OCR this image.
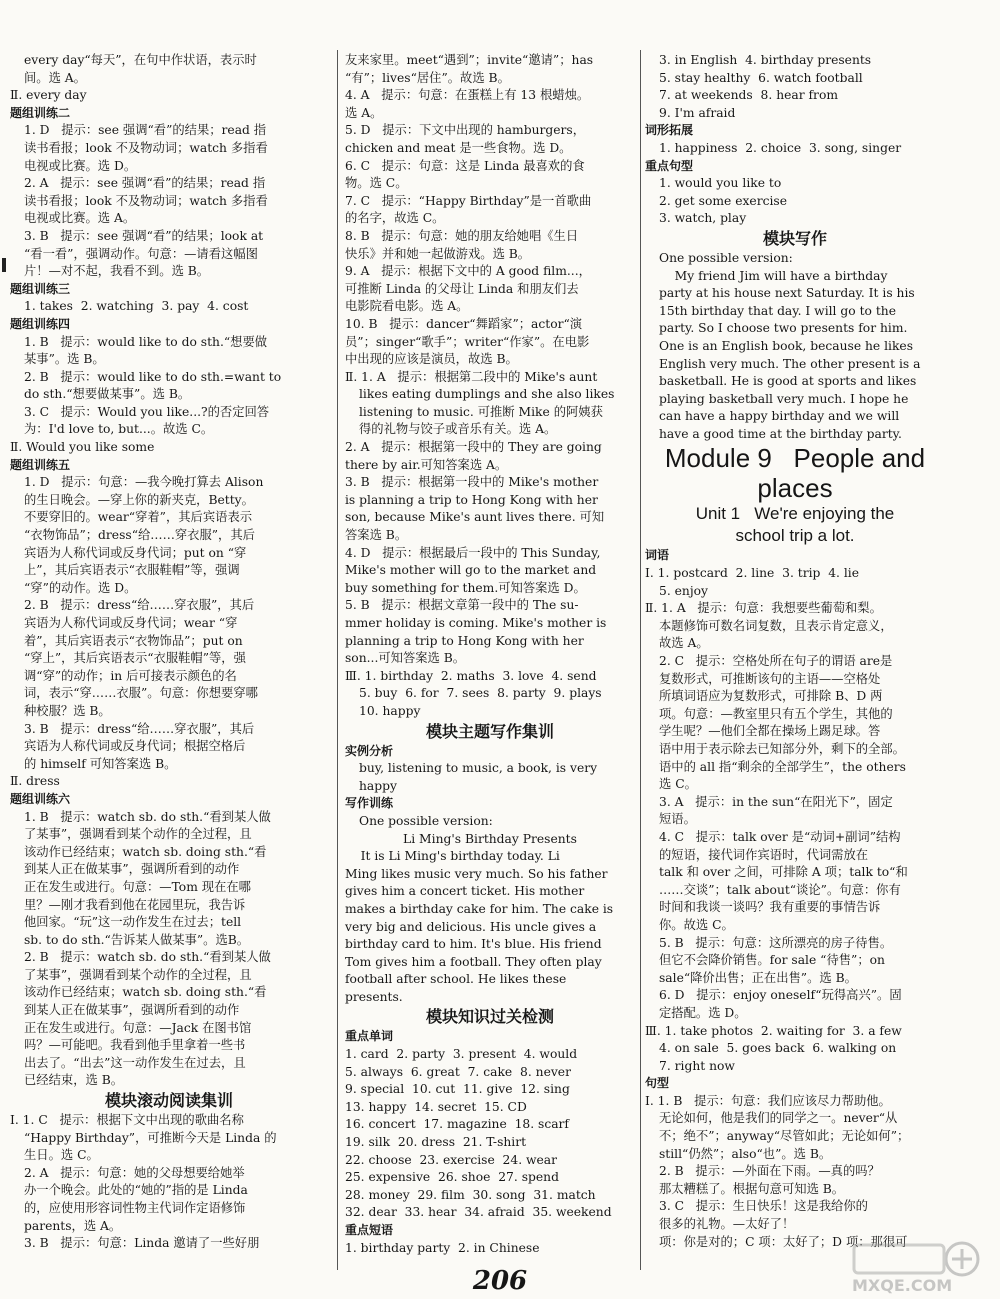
every day“每天”，在句中作状语，表示时

间。选 A。

Ⅱ. every day

题组训练二

1. D   提示：see 强调“看”的结果；read 指

读书看报；look 不及物动词；watch 多指看

电视或比赛。选 D。

2. A   提示：see 强调“看”的结果；read 指

读书看报；look 不及物动词；watch 多指看

电视或比赛。选 A。

3. B   提示：see 强调“看”的结果；look at

“看一看”，强调动作。句意：—请看这幅图

片！—对不起，我看不到。选 B。

题组训练三

1. takes  2. watching  3. pay  4. cost

题组训练四

1. B   提示：would like to do sth.“想要做

某事”。选 B。

2. B   提示：would like to do sth.=want to

do sth.“想要做某事”。选 B。

3. C   提示：Would you like...?的否定回答

为：I'd love to, but...。故选 C。

Ⅱ. Would you like some

题组训练五

1. D   提示：句意：—我今晚打算去 Alison

的生日晚会。—穿上你的新夹克，Betty。

不要穿旧的。wear“穿着”，其后宾语表示

“衣物饰品”；dress“给……穿衣服”，其后

宾语为人称代词或反身代词；put on “穿

上”，其后宾语表示“衣服鞋帽”等，强调

“穿”的动作。选 D。

2. B   提示：dress“给……穿衣服”，其后

宾语为人称代词或反身代词；wear “穿

着”，其后宾语表示“衣物饰品”；put on

“穿上”，其后宾语表示“衣服鞋帽”等，强

调“穿”的动作；in 后可接表示颜色的名

词，表示“穿……衣服”。句意：你想要穿哪

种校服？选 B。

3. B   提示：dress“给……穿衣服”，其后

宾语为人称代词或反身代词；根据空格后

的 himself 可知答案选 B。

Ⅱ. dress

题组训练六

1. B   提示：watch sb. do sth.“看到某人做

了某事”，强调看到某个动作的全过程，且

该动作已经结束；watch sb. doing sth.“看

到某人正在做某事”，强调所看到的动作

正在发生或进行。句意：—Tom 现在在哪

里？—刚才我看到他在花园里玩，我告诉

他回家。“玩”这一动作发生在过去；tell

sb. to do sth.“告诉某人做某事”。选B。

2. B   提示：watch sb. do sth.“看到某人做

了某事”，强调看到某个动作的全过程，且

该动作已经结束；watch sb. doing sth.“看

到某人正在做某事”，强调所看到的动作

正在发生或进行。句意：—Jack 在图书馆

吗？—可能吧。我看到他手里拿着一些书

出去了。“出去”这一动作发生在过去，且

已经结束，选 B。

模块滚动阅读集训

Ⅰ. 1. C   提示：根据下文中出现的歌曲名称

“Happy Birthday”，可推断今天是 Linda 的

生日。选 C。

2. A   提示：句意：她的父母想要给她举

办一个晚会。此处的“她的”指的是 Linda

的，应使用形容词性物主代词作定语修饰

parents，选 A。

3. B   提示：句意：Linda 邀请了一些好朋

友来家里。meet“遇到”；invite“邀请”；has

“有”；lives“居住”。故选 B。

4. A   提示：句意：在蛋糕上有 13 根蜡烛。

选 A。

5. D   提示：下文中出现的 hamburgers，

chicken and meat 是一些食物。选 D。

6. C   提示：句意：这是 Linda 最喜欢的食

物。选 C。

7. C   提示：“Happy Birthday”是一首歌曲

的名字，故选 C。

8. B   提示：句意：她的朋友给她唱《生日

快乐》并和她一起做游戏。选 B。

9. A   提示：根据下文中的 A good film...，

可推断 Linda 的父母让 Linda 和朋友们去

电影院看电影。选 A。

10. B   提示：dancer“舞蹈家”；actor“演

员”；singer“歌手”；writer“作家”。在电影

中出现的应该是演员，故选 B。

Ⅱ. 1. A   提示：根据第二段中的 Mike's aunt

likes eating dumplings and she also likes

listening to music. 可推断 Mike 的阿姨获

得的礼物与饺子或音乐有关。选 A。

2. A   提示：根据第一段中的 They are going

there by air.可知答案选 A。

3. B   提示：根据第一段中的 Mike's mother

is planning a trip to Hong Kong with her

son, because Mike's aunt lives there. 可知

答案选 B。

4. D   提示：根据最后一段中的 This Sunday,

Mike's mother will go to the market and

buy something for them.可知答案选 D。

5. B   提示：根据文章第一段中的 The su-

mmer holiday is coming. Mike's mother is

planning a trip to Hong Kong with her

son...可知答案选 B。

Ⅲ. 1. birthday  2. maths  3. love  4. send

5. buy  6. for  7. sees  8. party  9. plays

10. happy

模块主题写作集训

实例分析

buy, listening to music, a book, is very

happy

写作训练

One possible version:

Li Ming's Birthday Presents

It is Li Ming's birthday today. Li

Ming likes music very much. So his father

gives him a concert ticket. His mother

makes a birthday cake for him. The cake is

very big and delicious. His uncle gives a

birthday card to him. It's blue. His friend

Tom gives him a football. They often play

football after school. He likes these

presents.

模块知识过关检测

重点单词

1. card  2. party  3. present  4. would

5. always  6. great  7. cake  8. never

9. special  10. cut  11. give  12. sing

13. happy  14. secret  15. CD

16. concert  17. magazine  18. scarf

19. silk  20. dress  21. T-shirt

22. choose  23. exercise  24. wear

25. expensive  26. shoe  27. spend

28. money  29. film  30. song  31. match

32. dear  33. hear  34. afraid  35. weekend

重点短语

1. birthday party  2. in Chinese

3. in English  4. birthday presents

5. stay healthy  6. watch football

7. at weekends  8. hear from

9. I'm afraid

词形拓展

1. happiness  2. choice  3. song, singer

重点句型

1. would you like to

2. get some exercise

3. watch, play

模块写作

One possible version:

My friend Jim will have a birthday

party at his house next Saturday. It is his

15th birthday that day. I will go to the

party. So I choose two presents for him.

One is an English book, because he likes

English very much. The other present is a

basketball. He is good at sports and likes

playing basketball very much. I hope he

can have a happy birthday and we will

have a good time at the birthday party.

Module 9   People and

places

Unit 1   We're enjoying the

school trip a lot.

词语

Ⅰ. 1. postcard  2. line  3. trip  4. lie

5. enjoy

Ⅱ. 1. A   提示：句意：我想要些葡萄和梨。

本题修饰可数名词复数，且表示肯定意义，

故选 A。

2. C   提示：空格处所在句子的谓语 are是

复数形式，可推断该句的主语——空格处

所填词语应为复数形式，可排除 B、D 两

项。句意：—教室里只有五个学生，其他的

学生呢？—他们全都在操场上踢足球。答

语中用于表示除去已知部分外，剩下的全部。

语中的 all 指“剩余的全部学生”，the others

选 C。

3. A   提示：in the sun“在阳光下”，固定

短语。

4. C   提示：talk over 是“动词+副词”结构

的短语，接代词作宾语时，代词需放在

talk 和 over 之间，可排除 A 项；talk to“和

……交谈”；talk about“谈论”。句意：你有

时间和我谈一谈吗？我有重要的事情告诉

你。故选 C。

5. B   提示：句意：这所漂亮的房子待售。

但它不会降价销售。for sale “待售”；on

sale“降价出售；正在出售”。选 B。

6. D   提示：enjoy oneself“玩得高兴”。固

定搭配。选 D。

Ⅲ. 1. take photos  2. waiting for  3. a few

4. on sale  5. goes back  6. walking on

7. right now

句型

Ⅰ. 1. B   提示：句意：我们应该尽力帮助他。

无论如何，他是我们的同学之一。never“从

不；绝不”；anyway“尽管如此；无论如何”；

still“仍然”；also“也”。选 B。

2. B   提示：—外面在下雨。—真的吗？

那太糟糕了。根据句意可知选 B。

3. C   提示：生日快乐！这是我给你的

很多的礼物。—太好了！

项：你是对的；C 项：太好了；D 项：那很可

206	MXQE.COM
